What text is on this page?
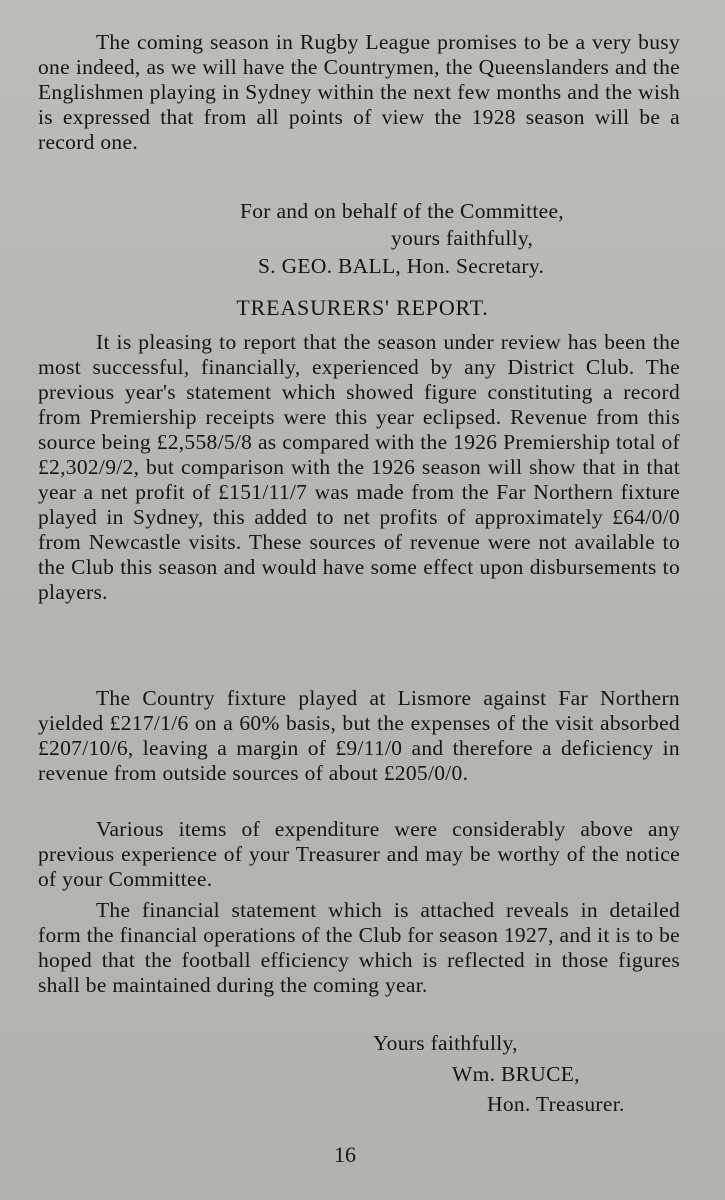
The coming season in Rugby League promises to be a very busy one indeed, as we will have the Countrymen, the Queenslanders and the Englishmen playing in Sydney within the next few months and the wish is expressed that from all points of view the 1928 season will be a record one.

For and on behalf of the Committee,
yours faithfully,
S. GEO. BALL, Hon. Secretary.
TREASURERS' REPORT.

It is pleasing to report that the season under review has been the most successful, financially, experienced by any District Club. The previous year's statement which showed figure constituting a record from Premiership receipts were this year eclipsed. Revenue from this source being £2,558/5/8 as compared with the 1926 Premiership total of £2,302/9/2, but comparison with the 1926 season will show that in that year a net profit of £151/11/7 was made from the Far Northern fixture played in Sydney, this added to net profits of approximately £64/0/0 from Newcastle visits. These sources of revenue were not available to the Club this season and would have some effect upon disbursements to players.

The Country fixture played at Lismore against Far Northern yielded £217/1/6 on a 60% basis, but the expenses of the visit absorbed £207/10/6, leaving a margin of £9/11/0 and therefore a deficiency in revenue from outside sources of about £205/0/0.

Various items of expenditure were considerably above any previous experience of your Treasurer and may be worthy of the notice of your Committee.

The financial statement which is attached reveals in detailed form the financial operations of the Club for season 1927, and it is to be hoped that the football efficiency which is reflected in those figures shall be maintained during the coming year.

Yours faithfully,
Wm. BRUCE,
Hon. Treasurer.
16
